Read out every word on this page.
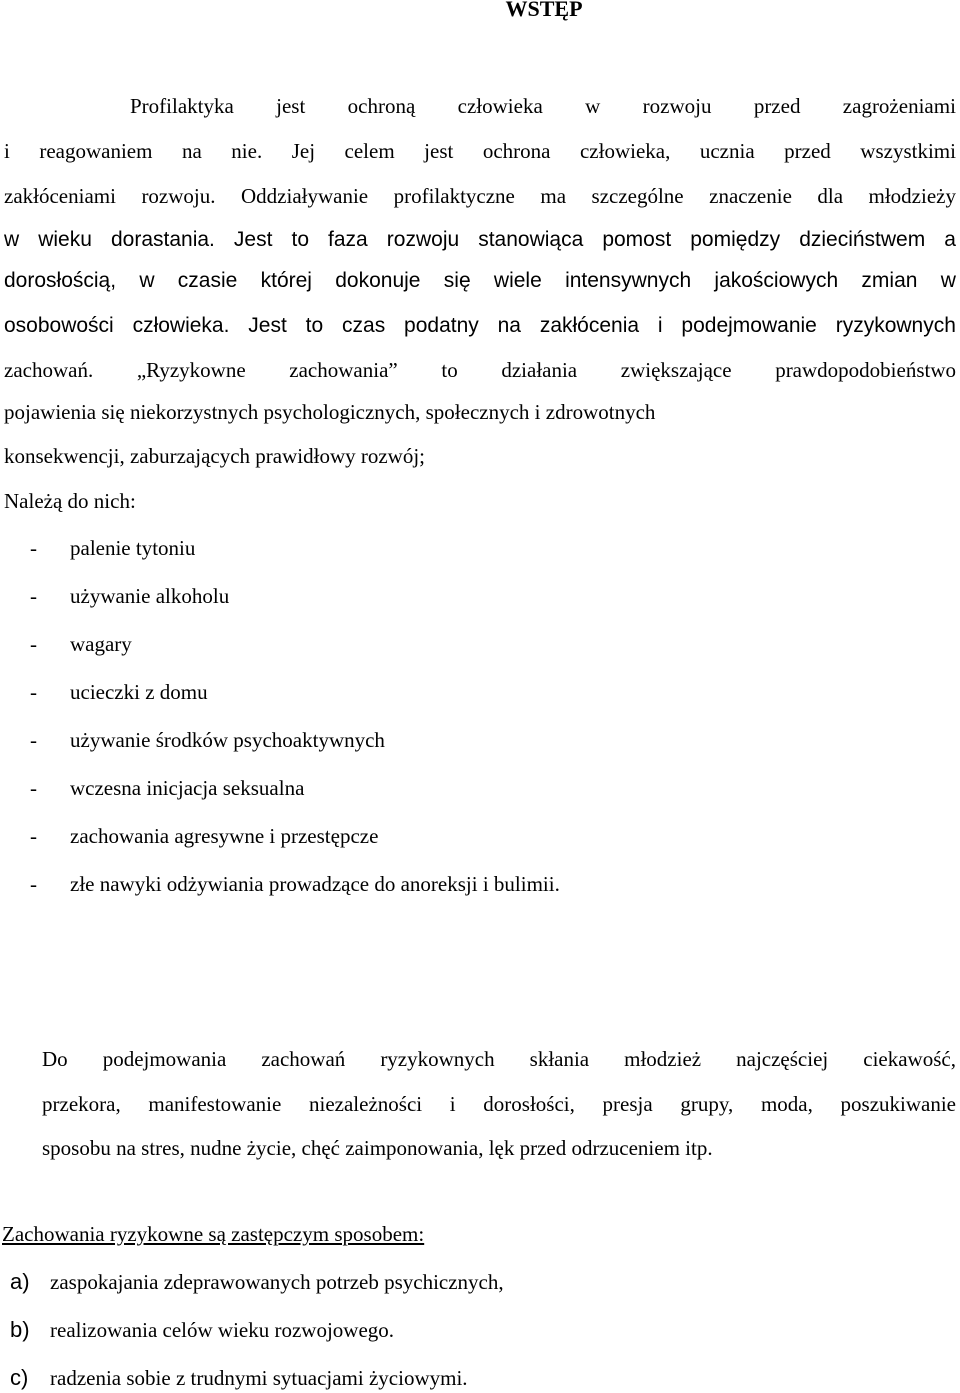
WSTĘP
Profilaktyka jest ochroną człowieka w rozwoju przed zagrożeniami
i reagowaniem na nie. Jej celem jest ochrona człowieka, ucznia przed wszystkimi
zakłóceniami rozwoju. Oddziaływanie profilaktyczne ma szczególne znaczenie dla młodzieży
w wieku dorastania. Jest to faza rozwoju stanowiąca pomost pomiędzy dzieciństwem a
dorosłością, w czasie której dokonuje się wiele intensywnych jakościowych zmian w
osobowości człowieka. Jest to czas podatny na zakłócenia i podejmowanie ryzykownych
zachowań. „Ryzykowne zachowania” to działania zwiększające prawdopodobieństwo
pojawienia się niekorzystnych psychologicznych, społecznych i zdrowotnych
konsekwencji, zaburzających prawidłowy rozwój;
Należą do nich:
- palenie tytoniu
- używanie alkoholu
- wagary
- ucieczki z domu
- używanie środków psychoaktywnych
- wczesna inicjacja seksualna
- zachowania agresywne i przestępcze
- złe nawyki odżywiania prowadzące do anoreksji i bulimii.
Do podejmowania zachowań ryzykownych skłania młodzież najczęściej ciekawość,
przekora, manifestowanie niezależności i dorosłości, presja grupy, moda, poszukiwanie
sposobu na stres, nudne życie, chęć zaimponowania, lęk przed odrzuceniem itp.
Zachowania ryzykowne są zastępczym sposobem:
a) zaspokajania zdeprawowanych potrzeb psychicznych,
b) realizowania celów wieku rozwojowego.
c) radzenia sobie z trudnymi sytuacjami życiowymi.
